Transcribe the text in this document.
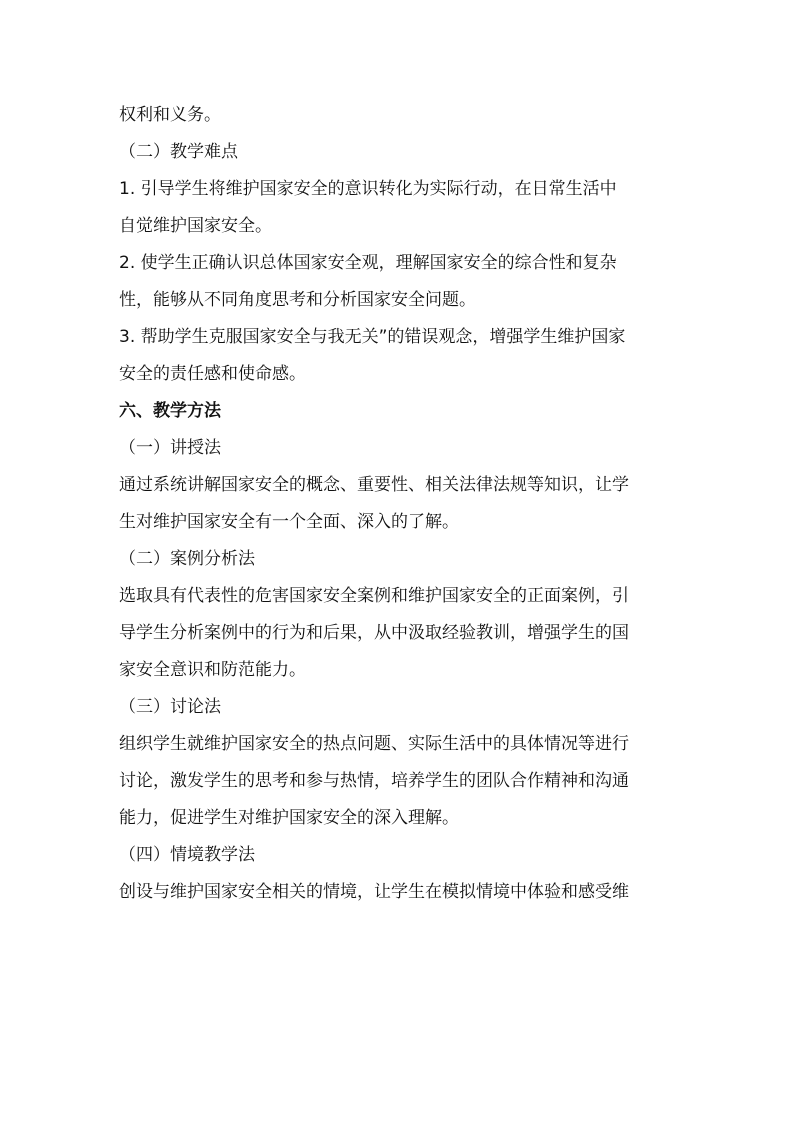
权利和义务。
（二）教学难点
1. 引导学生将维护国家安全的意识转化为实际行动，在日常生活中
自觉维护国家安全。
2. 使学生正确认识总体国家安全观，理解国家安全的综合性和复杂
性，能够从不同角度思考和分析国家安全问题。
3. 帮助学生克服国家安全与我无关”的错误观念，增强学生维护国家
安全的责任感和使命感。
六、教学方法
（一）讲授法
通过系统讲解国家安全的概念、重要性、相关法律法规等知识，让学
生对维护国家安全有一个全面、深入的了解。
（二）案例分析法
选取具有代表性的危害国家安全案例和维护国家安全的正面案例，引
导学生分析案例中的行为和后果，从中汲取经验教训，增强学生的国
家安全意识和防范能力。
（三）讨论法
组织学生就维护国家安全的热点问题、实际生活中的具体情况等进行
讨论，激发学生的思考和参与热情，培养学生的团队合作精神和沟通
能力，促进学生对维护国家安全的深入理解。
（四）情境教学法
创设与维护国家安全相关的情境，让学生在模拟情境中体验和感受维
